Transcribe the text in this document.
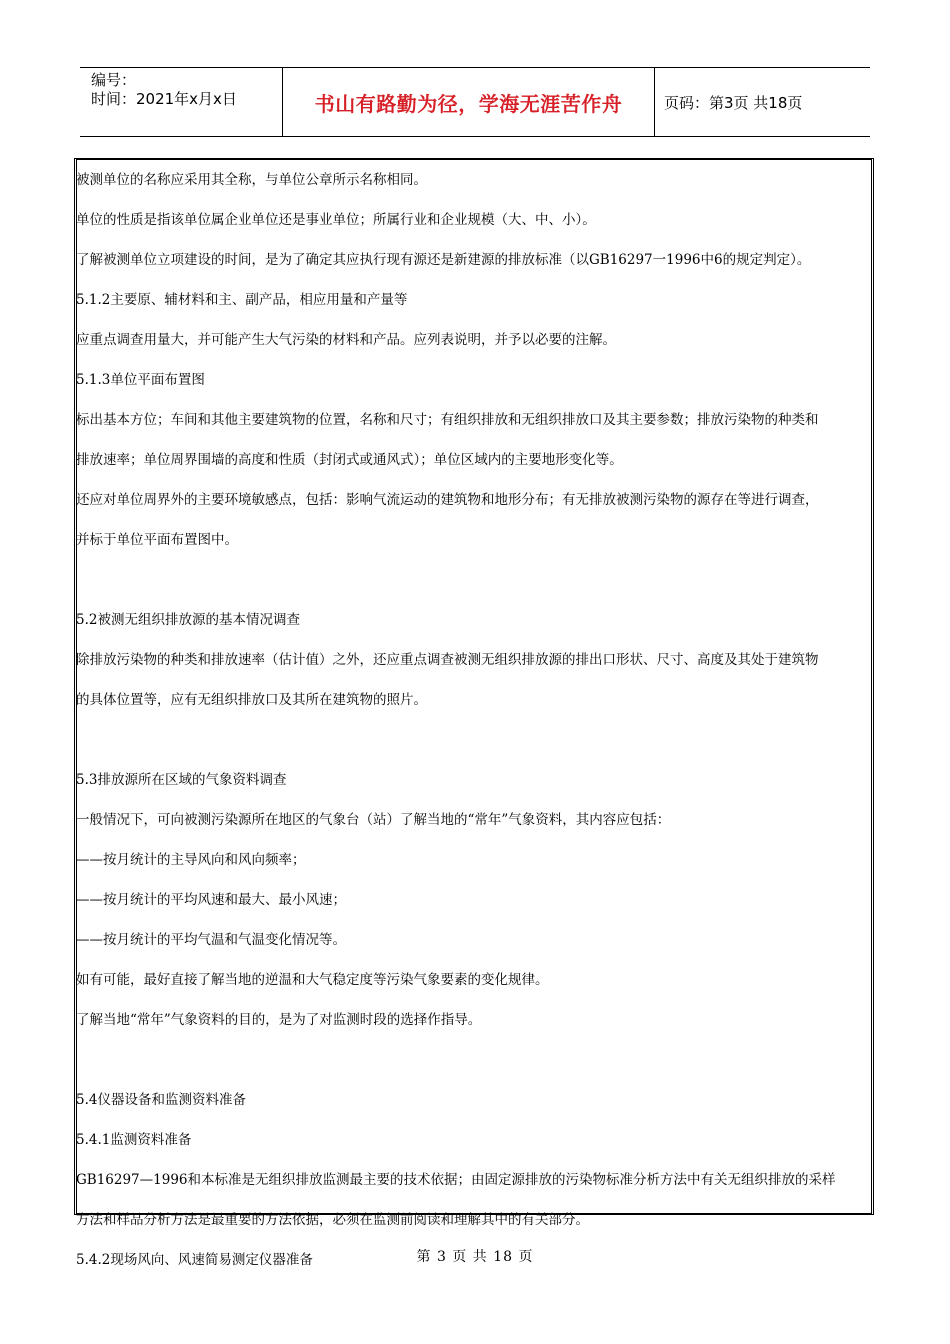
编号：
时间：2021年x月x日	书山有路勤为径，学海无涯苦作舟	页码：第3页 共18页

被测单位的名称应采用其全称，与单位公章所示名称相同。

单位的性质是指该单位属企业单位还是事业单位；所属行业和企业规模（大、中、小）。

了解被测单位立项建设的时间，是为了确定其应执行现有源还是新建源的排放标准（以GB16297一1996中6的规定判定）。

5.1.2主要原、辅材料和主、副产品，相应用量和产量等

应重点调查用量大，并可能产生大气污染的材料和产品。应列表说明，并予以必要的注解。

5.1.3单位平面布置图

标出基本方位；车间和其他主要建筑物的位置，名称和尺寸；有组织排放和无组织排放口及其主要参数；排放污染物的种类和

排放速率；单位周界围墙的高度和性质（封闭式或通风式）；单位区域内的主要地形变化等。

还应对单位周界外的主要环境敏感点，包括：影响气流运动的建筑物和地形分布；有无排放被测污染物的源存在等进行调查，

并标于单位平面布置图中。

5.2被测无组织排放源的基本情况调查

除排放污染物的种类和排放速率（估计值）之外，还应重点调查被测无组织排放源的排出口形状、尺寸、高度及其处于建筑物

的具体位置等，应有无组织排放口及其所在建筑物的照片。

5.3排放源所在区域的气象资料调查

一般情况下，可向被测污染源所在地区的气象台（站）了解当地的“常年”气象资料，其内容应包括：

——按月统计的主导风向和风向频率；

——按月统计的平均风速和最大、最小风速；

——按月统计的平均气温和气温变化情况等。

如有可能，最好直接了解当地的逆温和大气稳定度等污染气象要素的变化规律。

了解当地“常年”气象资料的目的，是为了对监测时段的选择作指导。

5.4仪器设备和监测资料准备

5.4.1监测资料准备

GB16297—1996和本标准是无组织排放监测最主要的技术依据；由固定源排放的污染物标准分析方法中有关无组织排放的采样

方法和样品分析方法是最重要的方法依据，必须在监测前阅读和理解其中的有关部分。

5.4.2现场风向、风速简易测定仪器准备	第 3 页 共 18 页
